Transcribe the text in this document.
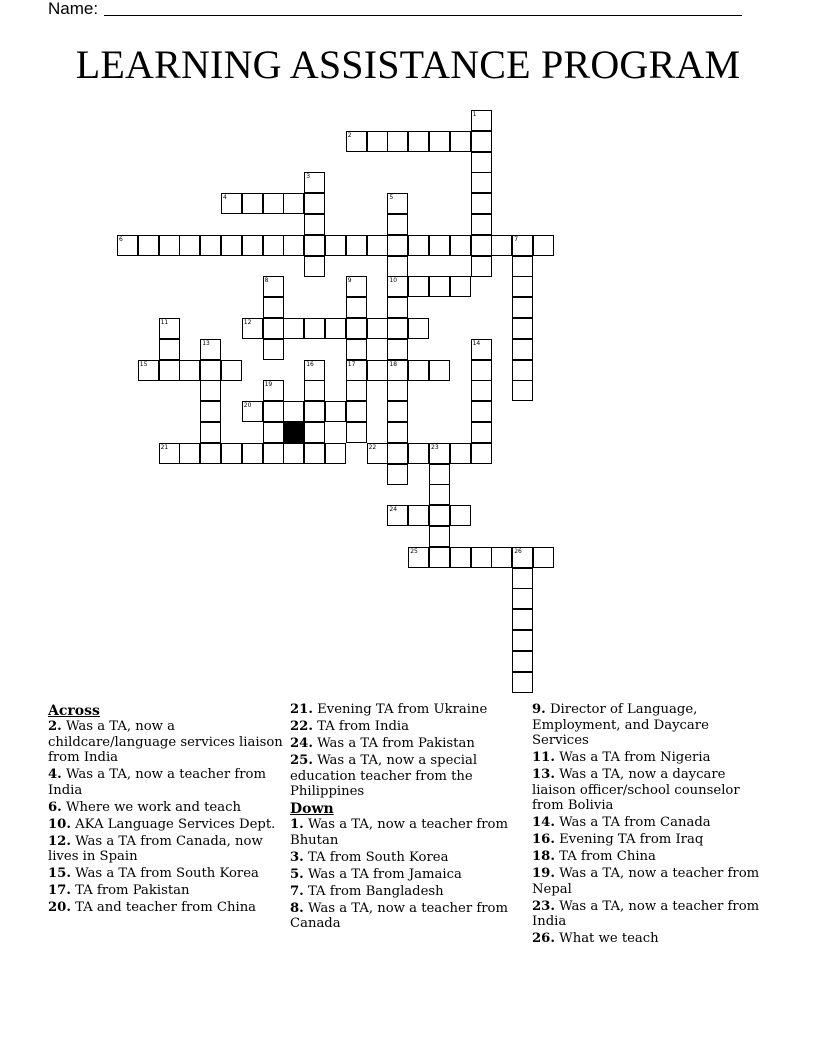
Name:
LEARNING ASSISTANCE PROGRAM
1
2
3
4	5
6	7
8	9	10
11	12
13	14
15	16	17	18
19
20
21	22	23
24
25	26
Across
2. Was a TA, now a childcare/language services liaison from India
4. Was a TA, now a teacher from India
6. Where we work and teach
10. AKA Language Services Dept.
12. Was a TA from Canada, now lives in Spain
15. Was a TA from South Korea
17. TA from Pakistan
20. TA and teacher from China
21. Evening TA from Ukraine
22. TA from India
24. Was a TA from Pakistan
25. Was a TA, now a special education teacher from the Philippines
Down
1. Was a TA, now a teacher from Bhutan
3. TA from South Korea
5. Was a TA from Jamaica
7. TA from Bangladesh
8. Was a TA, now a teacher from Canada
9. Director of Language, Employment, and Daycare Services
11. Was a TA from Nigeria
13. Was a TA, now a daycare liaison officer/school counselor from Bolivia
14. Was a TA from Canada
16. Evening TA from Iraq
18. TA from China
19. Was a TA, now a teacher from Nepal
23. Was a TA, now a teacher from India
26. What we teach
